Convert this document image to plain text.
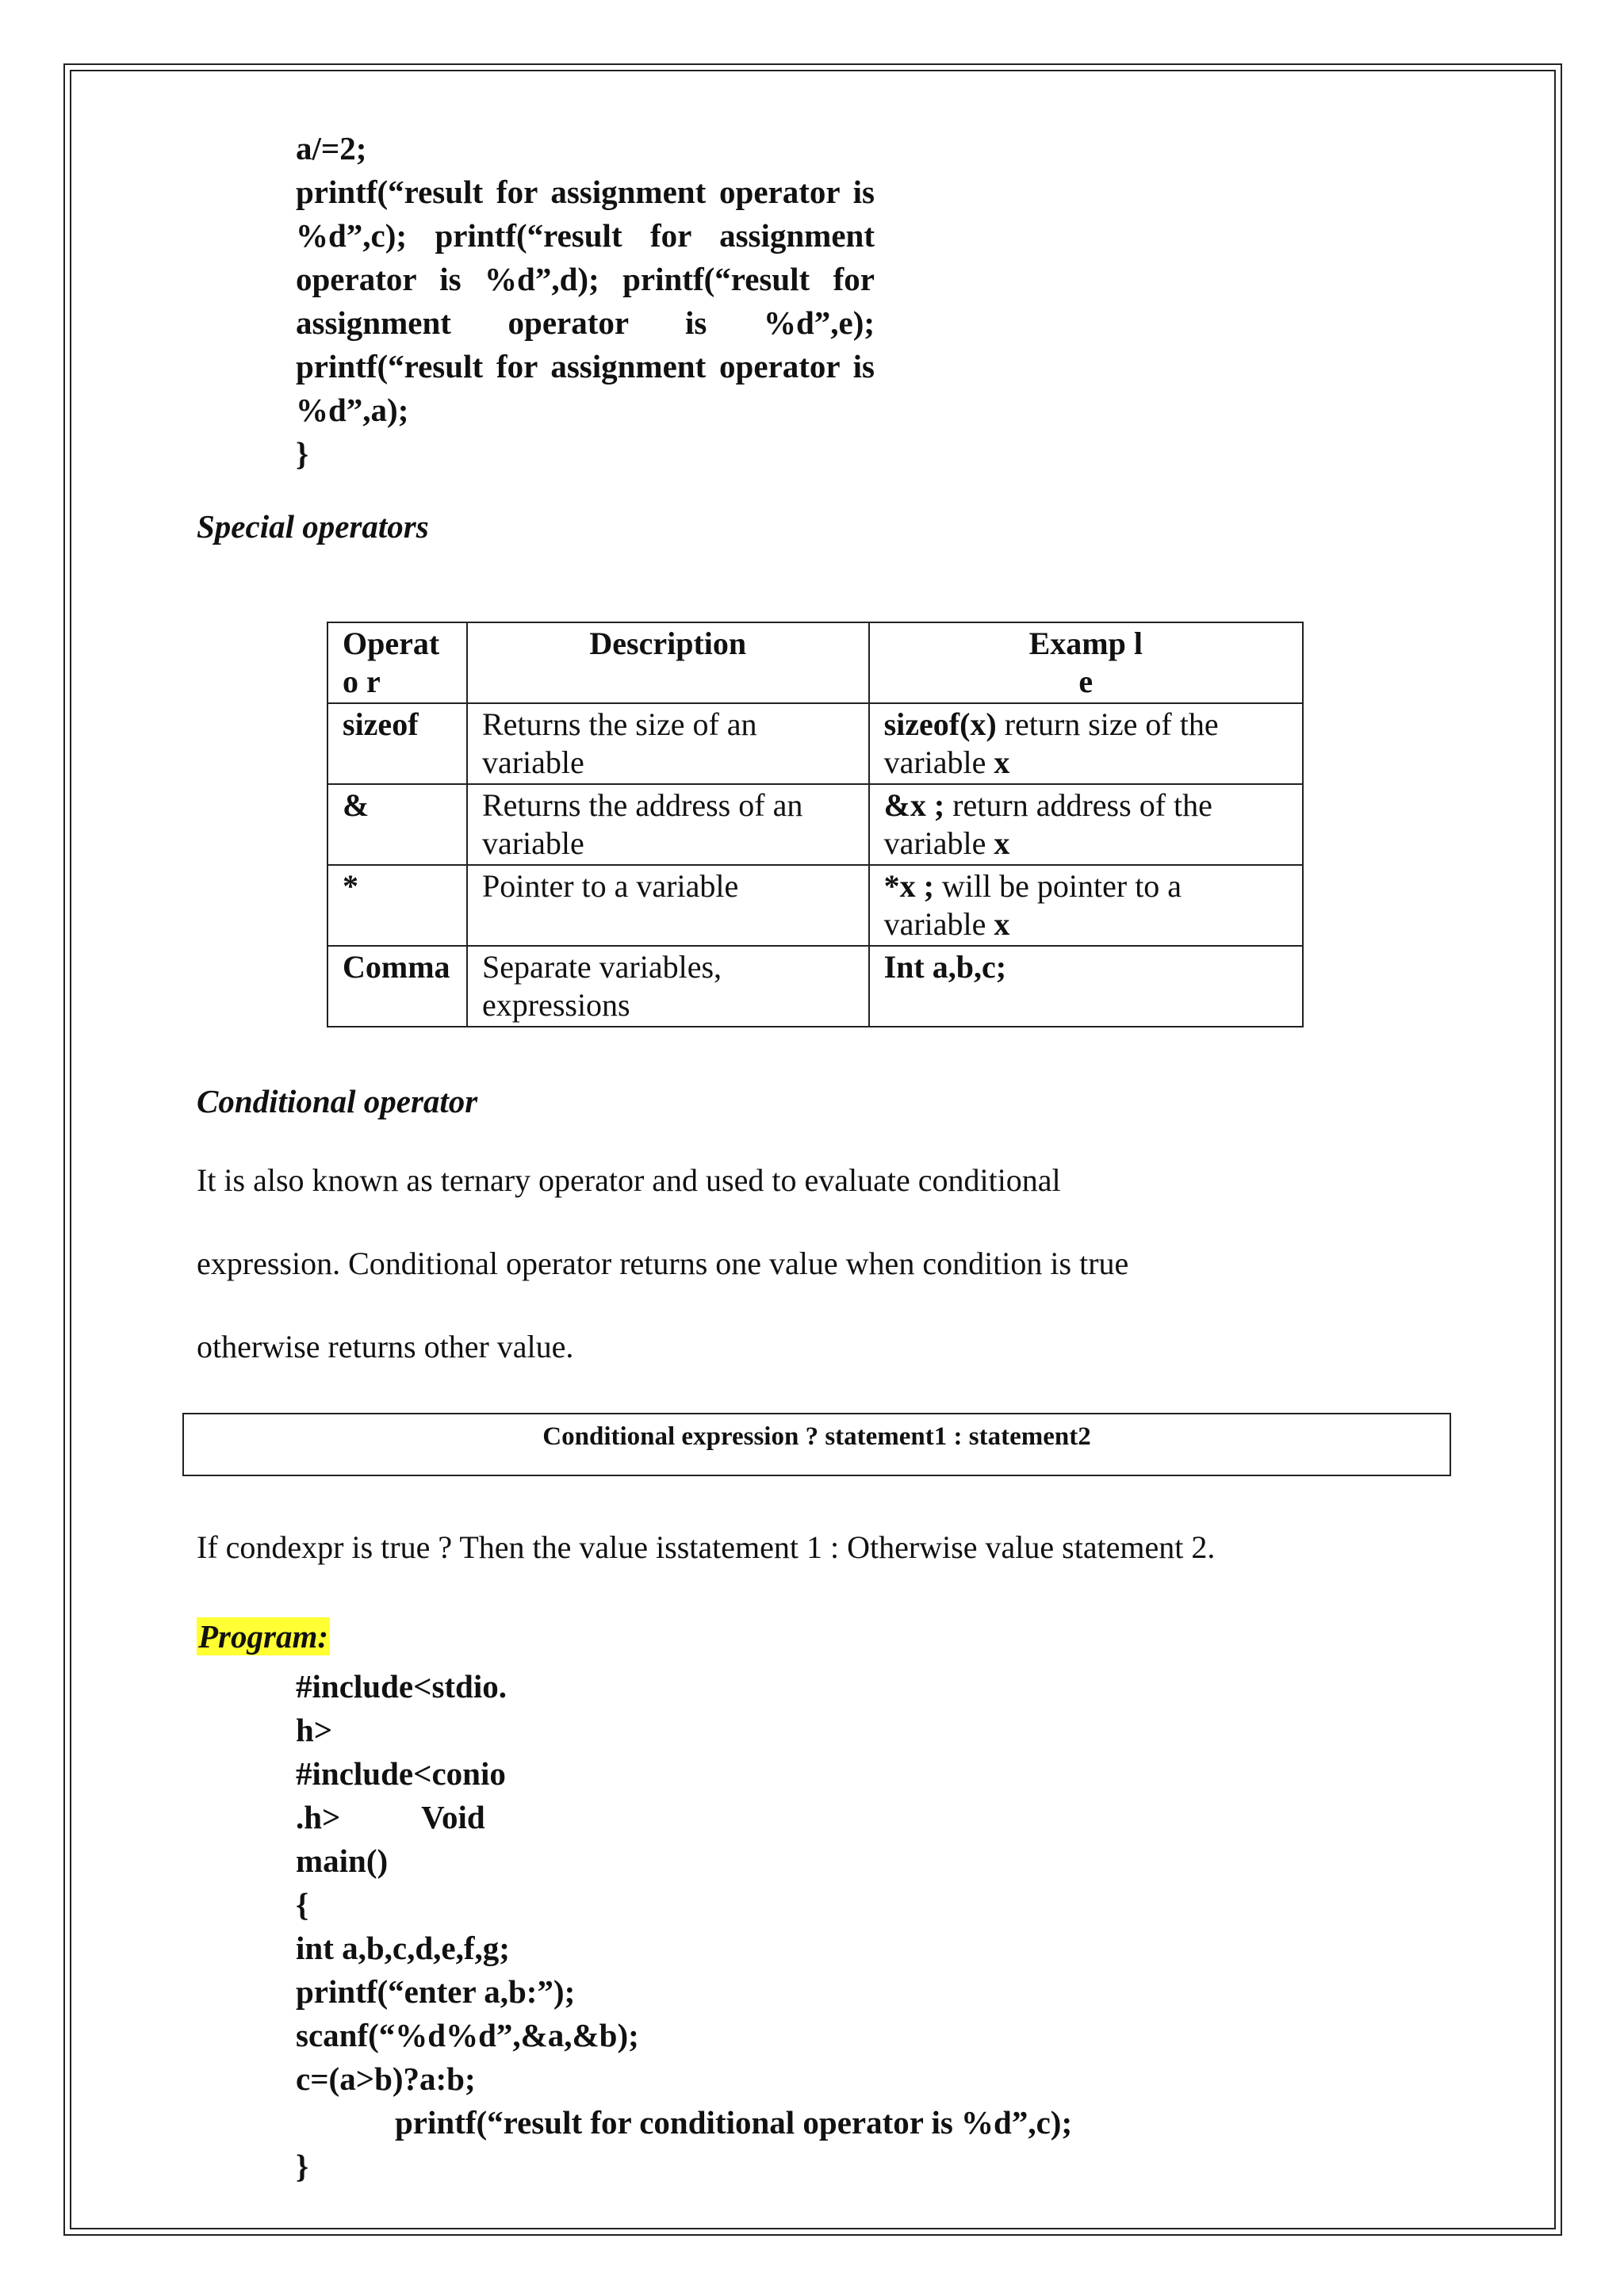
a/=2;
printf(“result for assignment operator is
%d”,c); printf(“result for assignment
operator is %d”,d); printf(“result for
assignment operator is %d”,e);
printf(“result for assignment operator is
%d”,a);
}
Special operators
Operato r	Description	Examp le
sizeof	Returns the size of an variable	sizeof(x) return size of the variable x
&	Returns the address of an variable	&x ; return address of the variable x
*	Pointer to a variable	*x ; will be pointer to a variable x
Comma	Separate variables, expressions	Int a,b,c;
Conditional operator
It is also known as ternary operator and used to evaluate conditional
expression. Conditional operator returns one value when condition is true
otherwise returns other value.
Conditional expression ? statement1 : statement2
If condexpr is true ? Then the value isstatement 1 : Otherwise value statement 2.
Program:
#include<stdio.
h>
#include<conio
.h>          Void
main()
{
int a,b,c,d,e,f,g;
printf(“enter a,b:”);
scanf(“%d%d”,&a,&b);
c=(a>b)?a:b;
printf(“result for conditional operator is %d”,c);
}
